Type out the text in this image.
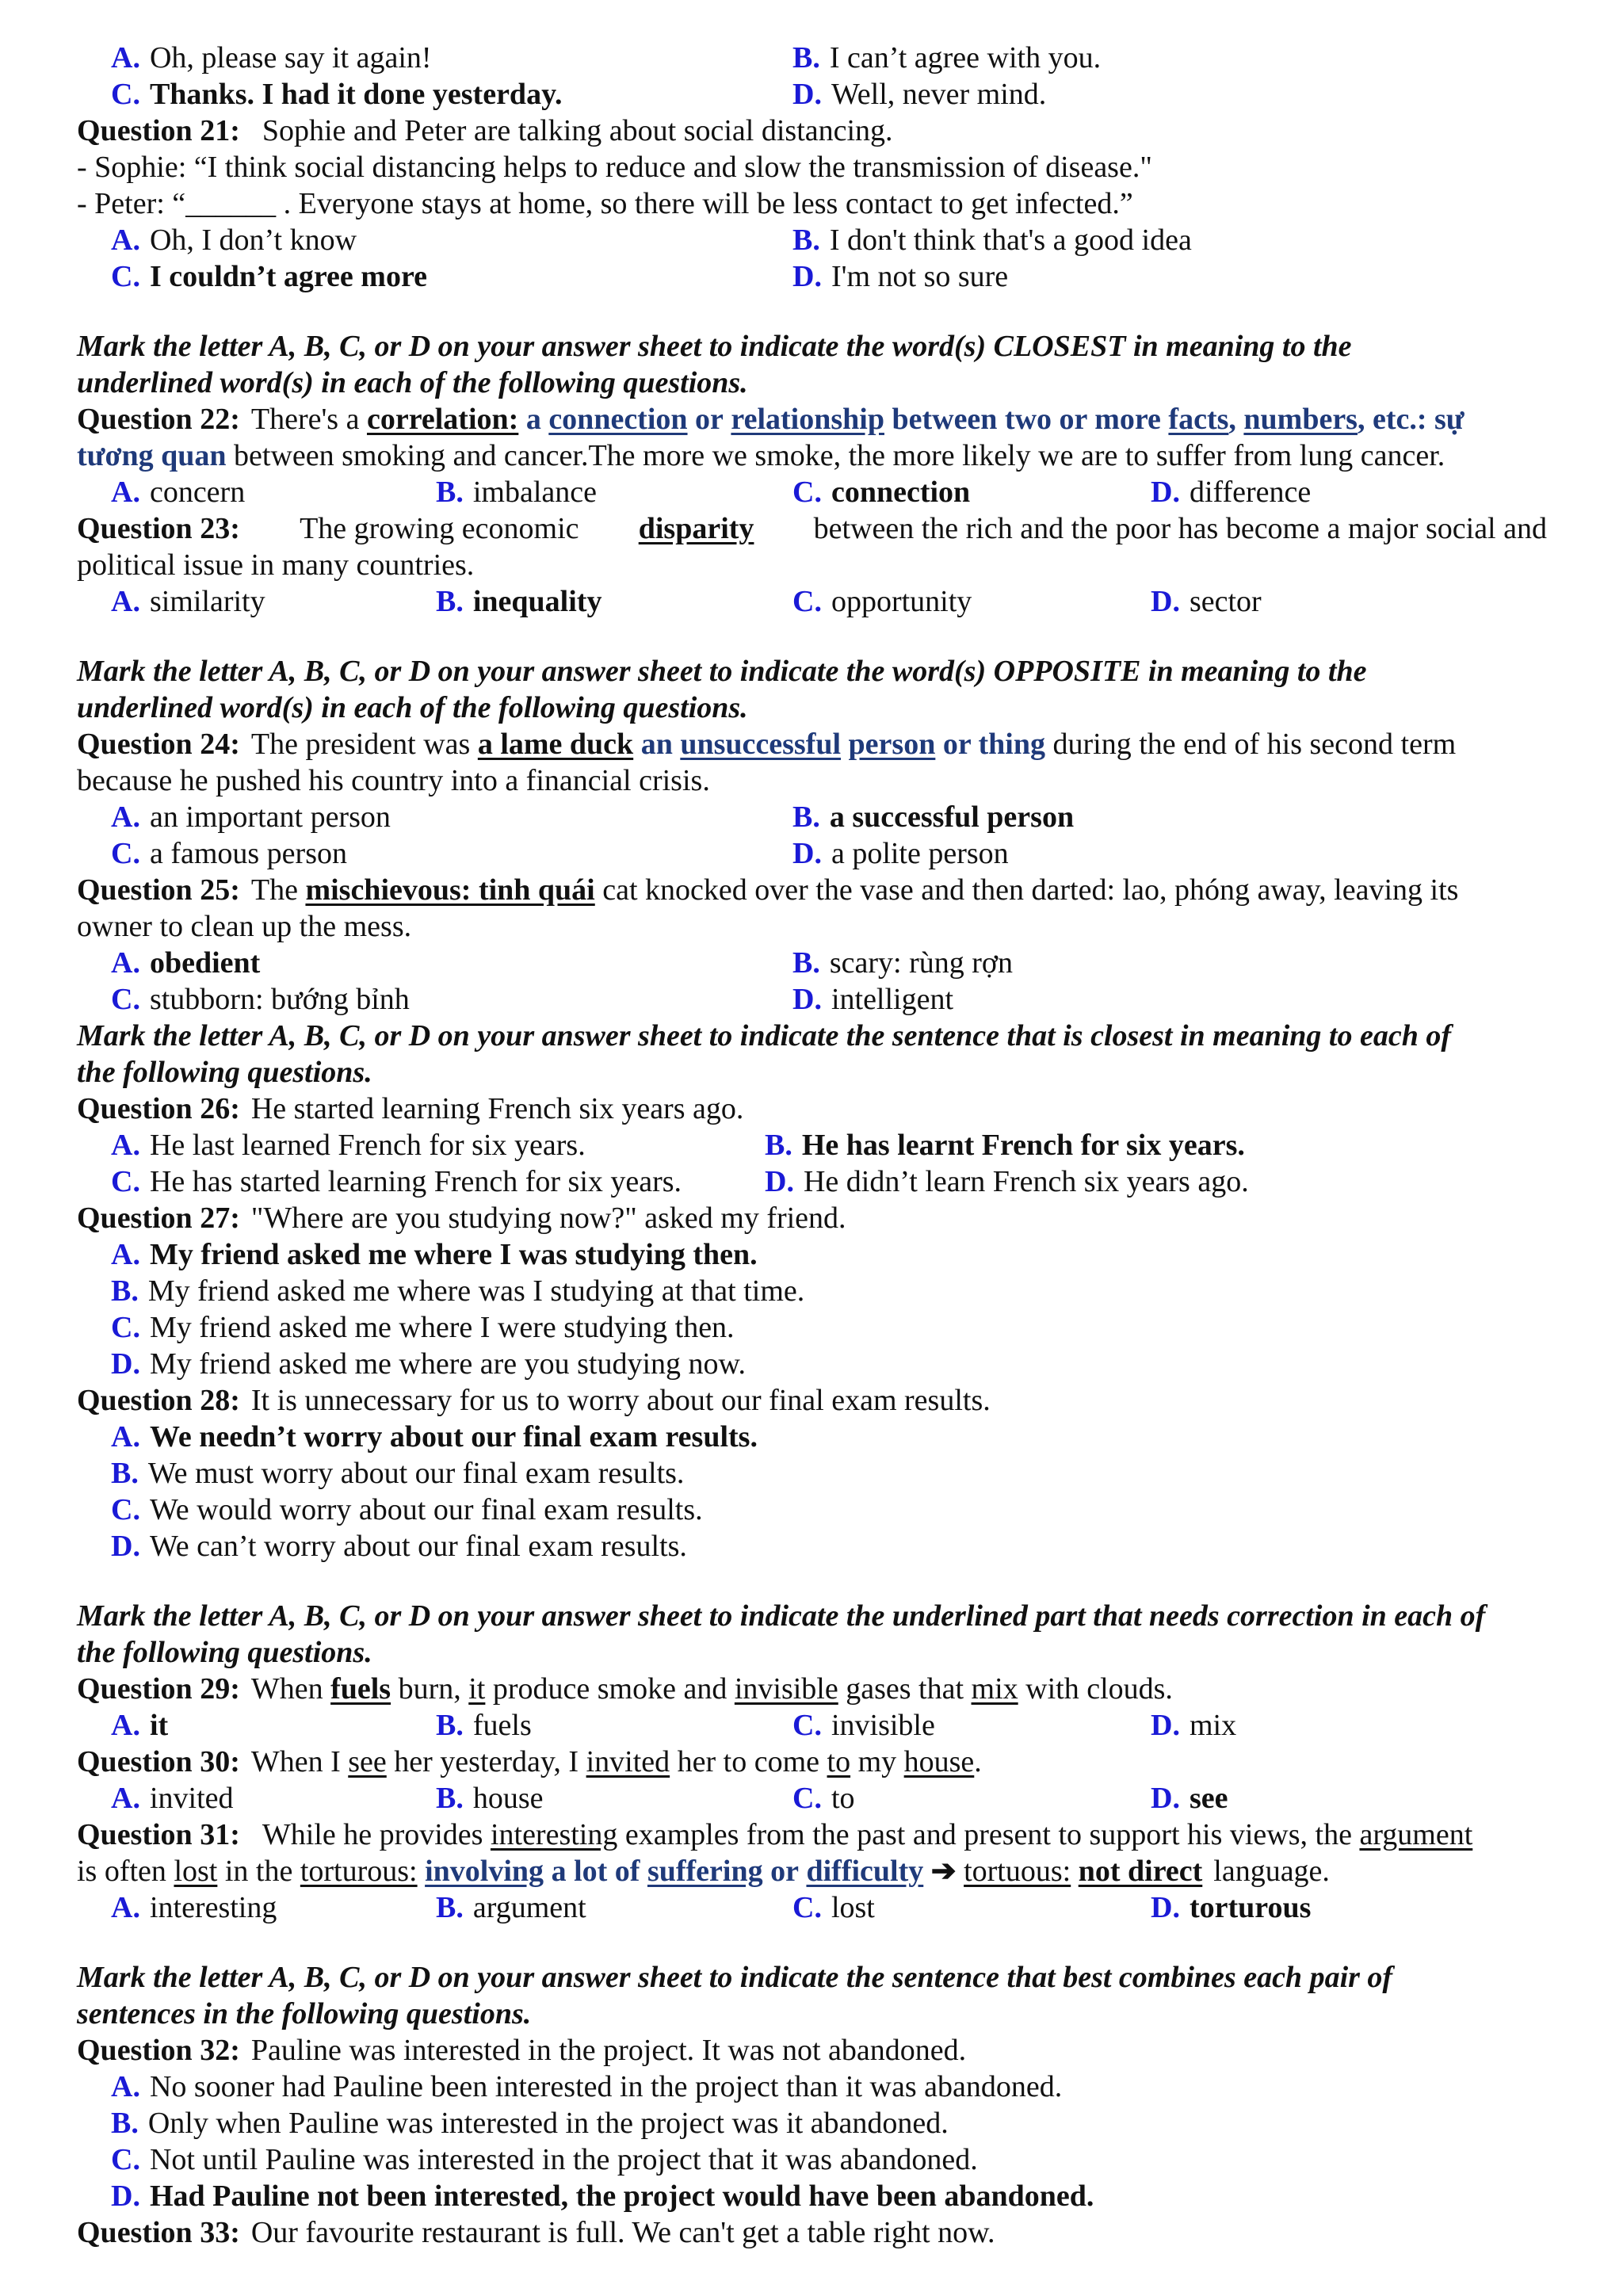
A. Oh, please say it again!	B. I can’t agree with you.
C. Thanks. I had it done yesterday.	D. Well, never mind.
Question 21: Sophie and Peter are talking about social distancing.
- Sophie: “I think social distancing helps to reduce and slow the transmission of disease."
- Peter: “______ . Everyone stays at home, so there will be less contact to get infected.”
A. Oh, I don’t know	B. I don't think that's a good idea
C. I couldn’t agree more	D. I'm not so sure
Mark the letter A, B, C, or D on your answer sheet to indicate the word(s) CLOSEST in meaning to the
underlined word(s) in each of the following questions.
Question 22: There's a correlation: a connection or relationship between two or more facts, numbers, etc.: sự
tương quan between smoking and cancer.The more we smoke, the more likely we are to suffer from lung cancer.
A. concern	B. imbalance	C. connection	D. difference
Question 23: The growing economic disparity between the rich and the poor has become a major social and
political issue in many countries.
A. similarity	B. inequality	C. opportunity	D. sector
Mark the letter A, B, C, or D on your answer sheet to indicate the word(s) OPPOSITE in meaning to the
underlined word(s) in each of the following questions.
Question 24: The president was a lame duck an unsuccessful person or thing during the end of his second term
because he pushed his country into a financial crisis.
A. an important person	B. a successful person
C. a famous person	D. a polite person
Question 25: The mischievous: tinh quái cat knocked over the vase and then darted: lao, phóng away, leaving its
owner to clean up the mess.
A. obedient	B. scary: rùng rợn
C. stubborn: bướng bỉnh	D. intelligent
Mark the letter A, B, C, or D on your answer sheet to indicate the sentence that is closest in meaning to each of
the following questions.
Question 26: He started learning French six years ago.
A. He last learned French for six years.	B. He has learnt French for six years.
C. He has started learning French for six years.	D. He didn’t learn French six years ago.
Question 27: "Where are you studying now?" asked my friend.
A. My friend asked me where I was studying then.
B. My friend asked me where was I studying at that time.
C. My friend asked me where I were studying then.
D. My friend asked me where are you studying now.
Question 28: It is unnecessary for us to worry about our final exam results.
A. We needn’t worry about our final exam results.
B. We must worry about our final exam results.
C. We would worry about our final exam results.
D. We can’t worry about our final exam results.
Mark the letter A, B, C, or D on your answer sheet to indicate the underlined part that needs correction in each of
the following questions.
Question 29: When fuels burn, it produce smoke and invisible gases that mix with clouds.
A. it	B. fuels	C. invisible	D. mix
Question 30: When I see her yesterday, I invited her to come to my house.
A. invited	B. house	C. to	D. see
Question 31: While he provides interesting examples from the past and present to support his views, the argument
is often lost in the torturous: involving a lot of suffering or difficulty ➔ tortuous: not direct language.
A. interesting	B. argument	C. lost	D. torturous
Mark the letter A, B, C, or D on your answer sheet to indicate the sentence that best combines each pair of
sentences in the following questions.
Question 32: Pauline was interested in the project. It was not abandoned.
A. No sooner had Pauline been interested in the project than it was abandoned.
B. Only when Pauline was interested in the project was it abandoned.
C. Not until Pauline was interested in the project that it was abandoned.
D. Had Pauline not been interested, the project would have been abandoned.
Question 33: Our favourite restaurant is full. We can't get a table right now.
